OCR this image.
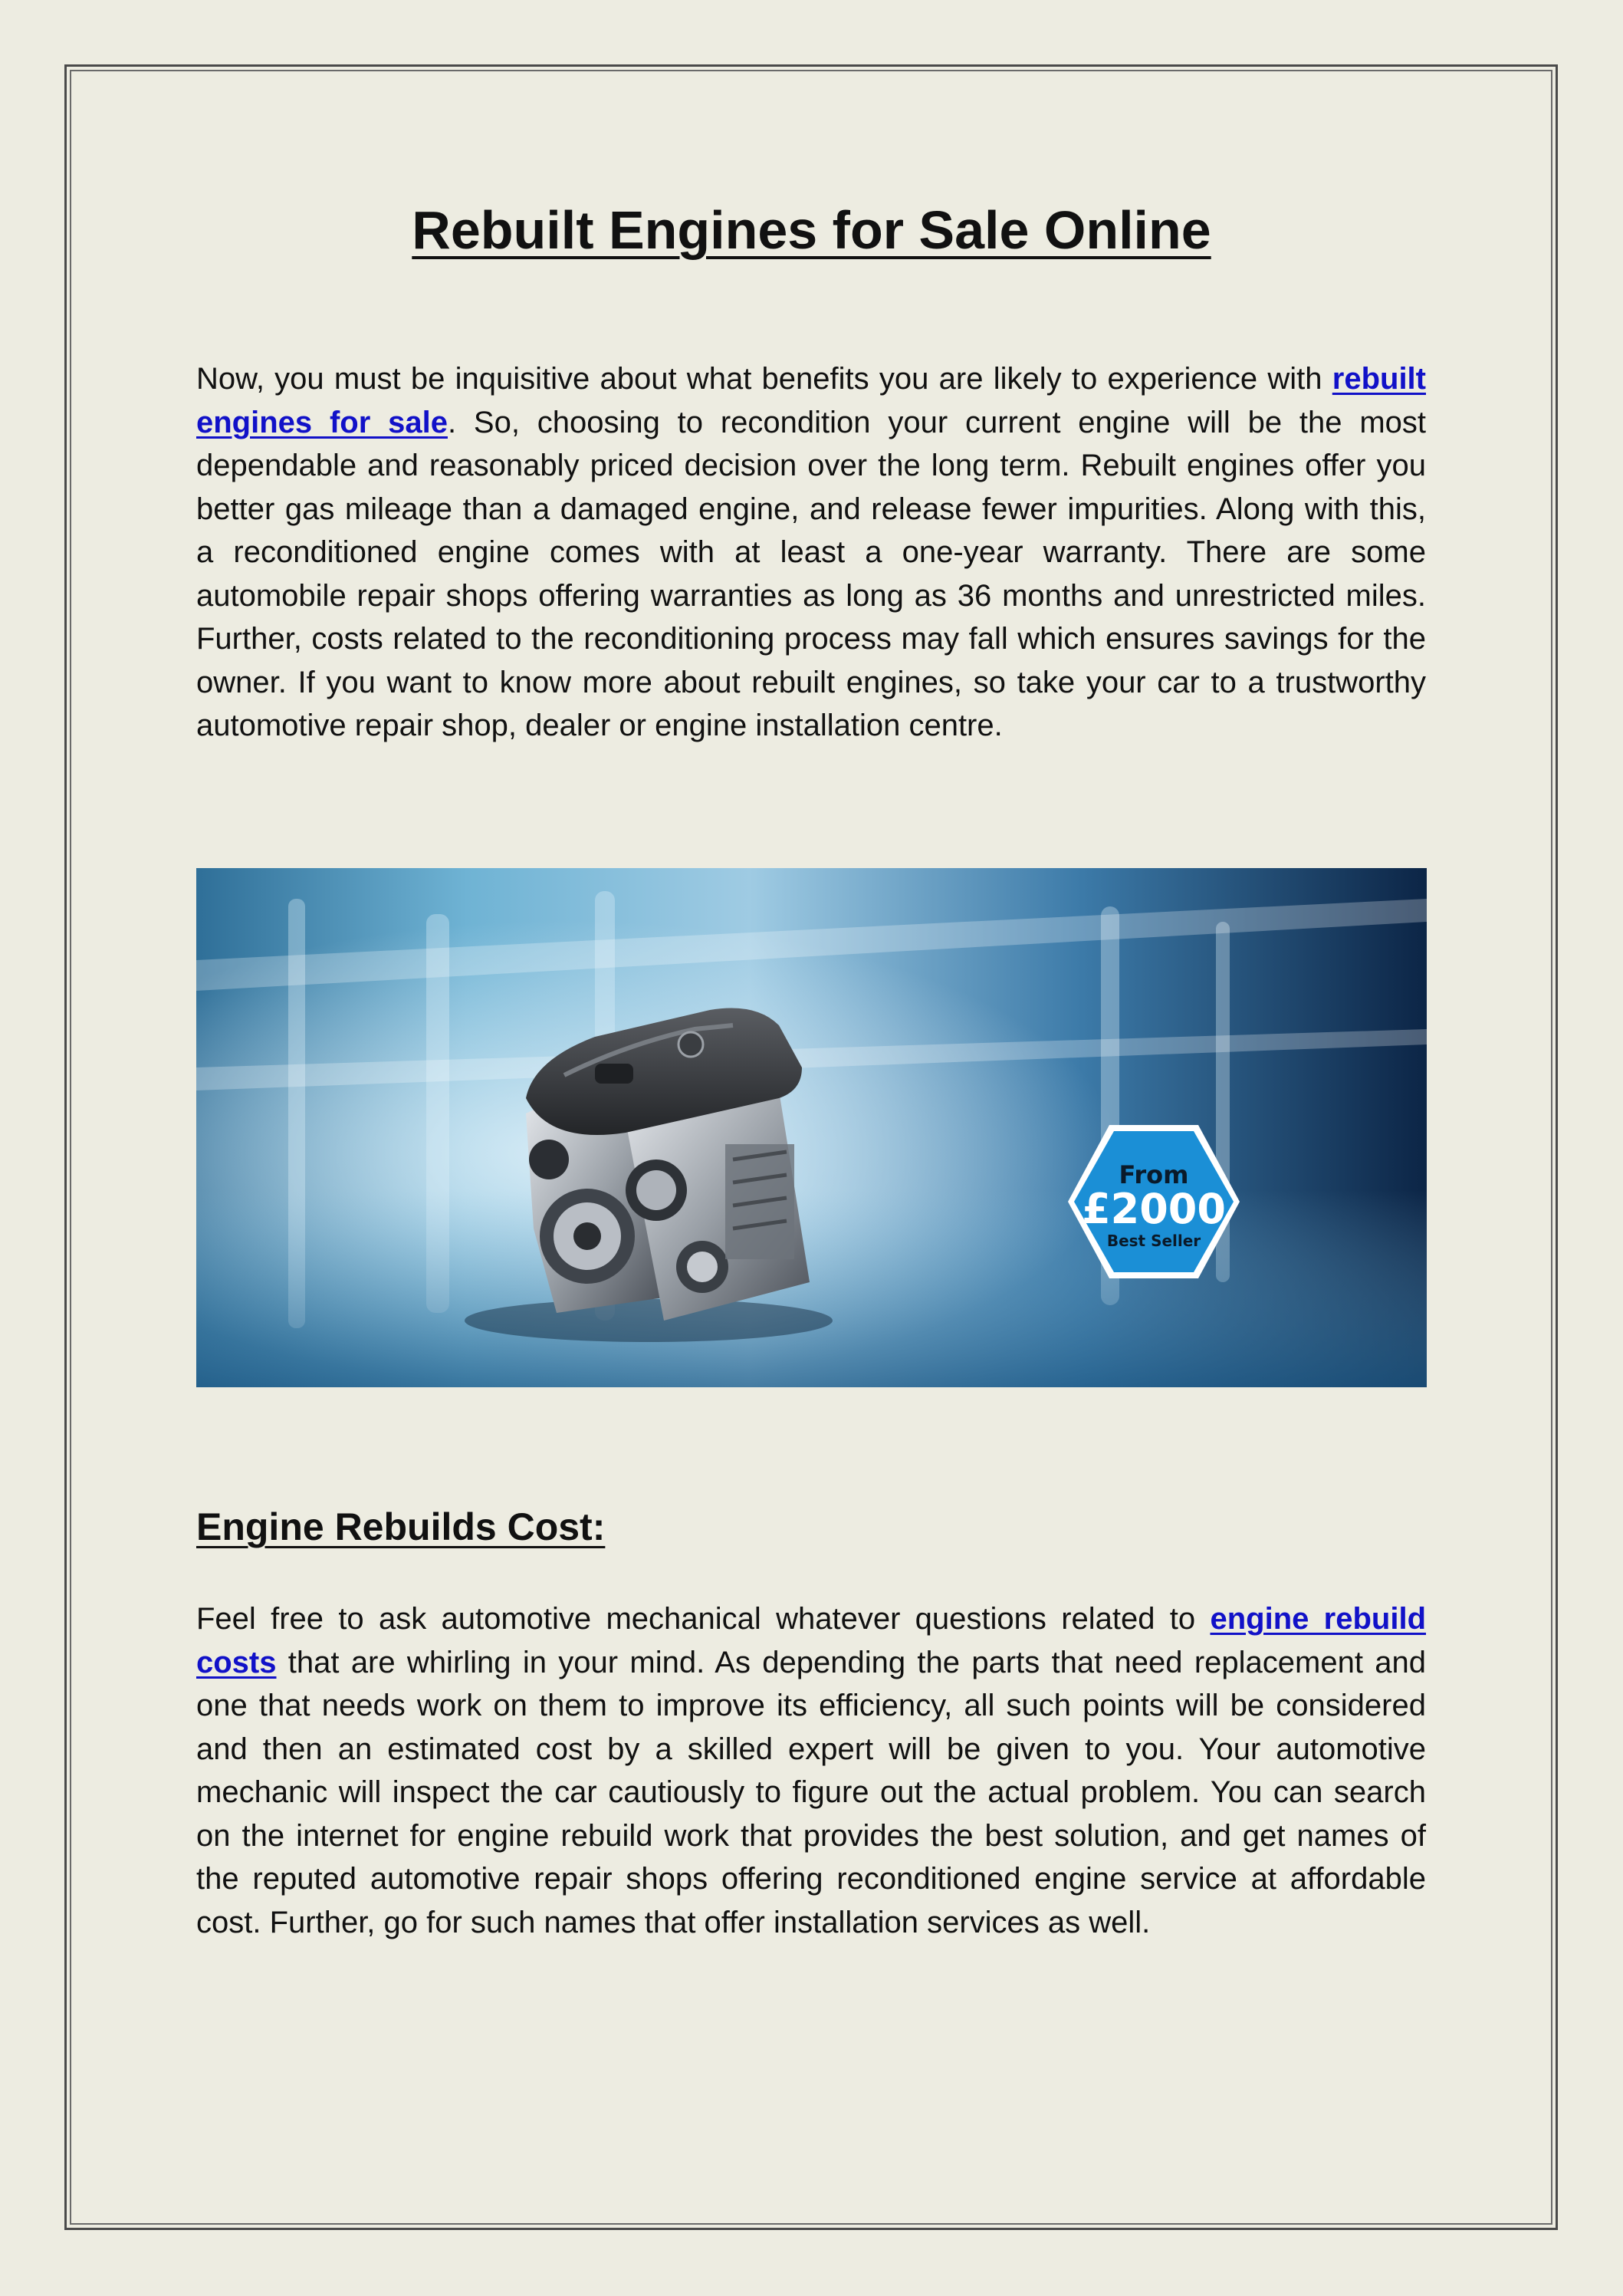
Rebuilt Engines for Sale Online

Now, you must be inquisitive about what benefits you are likely to experience with rebuilt engines for sale. So, choosing to recondition your current engine will be the most dependable and reasonably priced decision over the long term. Rebuilt engines offer you better gas mileage than a damaged engine, and release fewer impurities. Along with this, a reconditioned engine comes with at least a one-year warranty. There are some automobile repair shops offering warranties as long as 36 months and unrestricted miles. Further, costs related to the reconditioning process may fall which ensures savings for the owner. If you want to know more about rebuilt engines, so take your car to a trustworthy automotive repair shop, dealer or engine installation centre.

From
£2000
Best Seller
Engine Rebuilds Cost:

Feel free to ask automotive mechanical whatever questions related to engine rebuild costs that are whirling in your mind. As depending the parts that need replacement and one that needs work on them to improve its efficiency, all such points will be considered and then an estimated cost by a skilled expert will be given to you. Your automotive mechanic will inspect the car cautiously to figure out the actual problem. You can search on the internet for engine rebuild work that provides the best solution, and get names of the reputed automotive repair shops offering reconditioned engine service at affordable cost. Further, go for such names that offer installation services as well.
